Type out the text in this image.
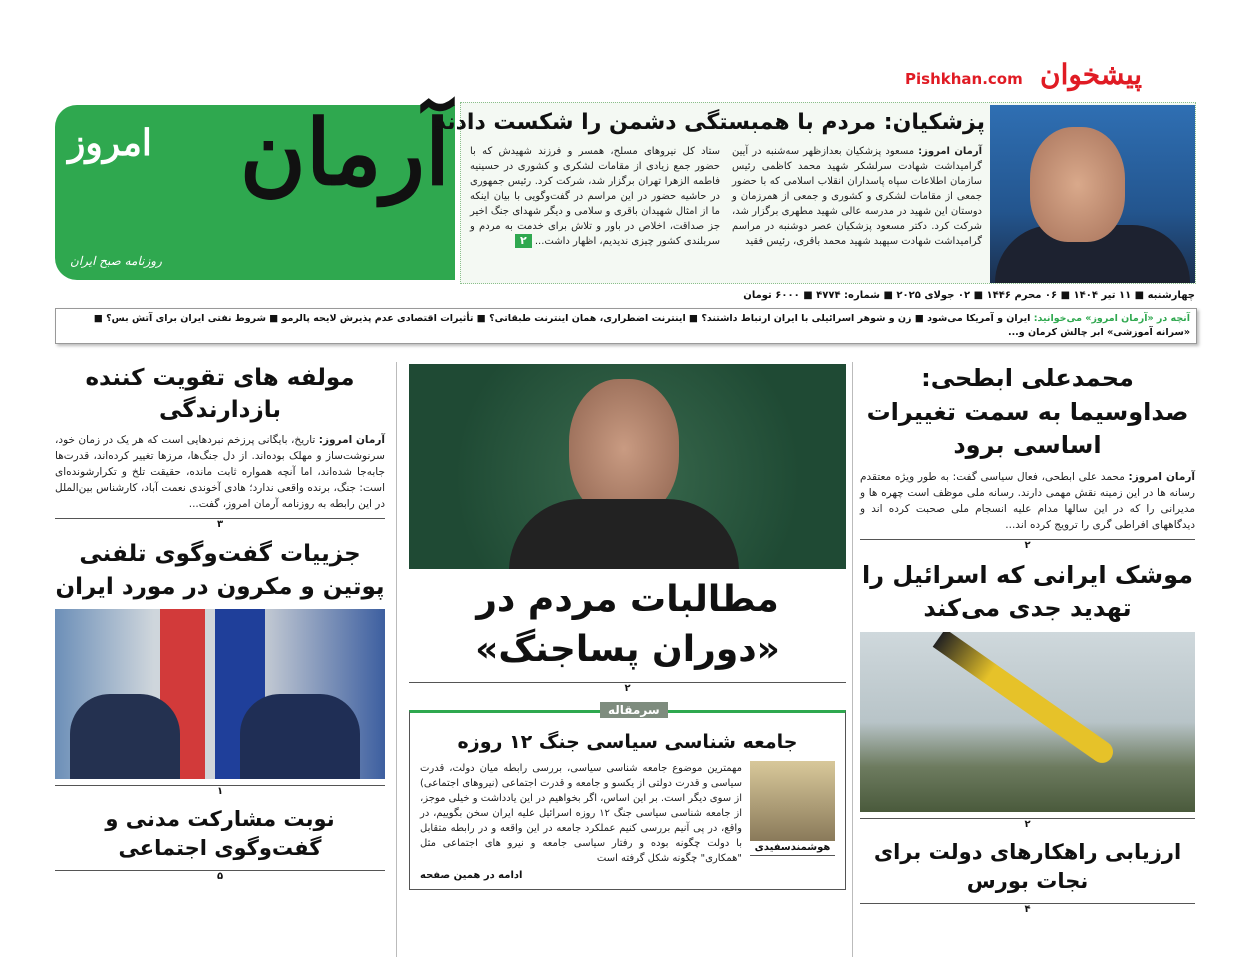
روزنامه صبح ایران
آرمان
امروز
پیشخوان
Pishkhan.com
پزشکیان: مردم با همبستگی دشمن را شکست دادند
آرمان امروز: مسعود پزشکیان بعدازظهر سه‌شنبه در آیین گرامیداشت شهادت سرلشکر شهید محمد کاظمی رئیس سازمان اطلاعات سپاه پاسداران انقلاب اسلامی که با حضور جمعی از مقامات لشکری و کشوری و جمعی از همرزمان و دوستان این شهید در مدرسه عالی شهید مطهری برگزار شد، شرکت کرد. دکتر مسعود پزشکیان عصر دوشنبه در مراسم گرامیداشت شهادت سپهبد شهید محمد باقری، رئیس فقید
ستاد کل نیروهای مسلح، همسر و فرزند شهیدش که با حضور جمع زیادی از مقامات لشکری و کشوری در حسینیه فاطمه الزهرا تهران برگزار شد، شرکت کرد. رئیس جمهوری در حاشیه حضور در این مراسم در گفت‌وگویی با بیان اینکه ما از امثال شهیدان باقری و سلامی و دیگر شهدای جنگ اخیر جز صداقت، اخلاص در باور و تلاش برای خدمت به مردم و سربلندی کشور چیزی ندیدیم، اظهار داشت... ۲
چهارشنبه ■ ۱۱ تیر ۱۴۰۴ ■ ۰۶ محرم ۱۴۴۶ ■ ۰۲ جولای ۲۰۲۵ ■ شماره: ۴۷۷۴ ■ ۶۰۰۰ تومان
آنچه در «آرمان امروز» می‌خوانید: ایران و آمریکا می‌شود ■ زن و شوهر اسرائیلی با ایران ارتباط داشتند؟ ■ اینترنت اضطراری، همان اینترنت طبقاتی؟ ■ تأثیرات اقتصادی عدم پذیرش لایحه پالرمو ■ شروط نفتی ایران برای آتش بس؟ ■ «سرانه آموزشی» ابر چالش کرمان و...
محمدعلی ابطحی: صداوسیما به سمت تغییرات اساسی برود
آرمان امروز: محمد علی ابطحی، فعال سیاسی گفت: به طور ویژه معتقدم رسانه ها در این زمینه نقش مهمی دارند. رسانه ملی موظف است چهره ها و مدیرانی را که در این سالها مدام علیه انسجام ملی صحبت کرده اند و دیدگاههای افراطی گری را ترویج کرده اند...
۲
موشک ایرانی که اسرائیل را تهدید جدی می‌کند
۲
ارزیابی راهکارهای دولت برای نجات بورس
۴
مطالبات مردم در «دوران پساجنگ»
۲
سرمقاله
جامعه شناسی سیاسی جنگ ۱۲ روزه
هوشمندسفیدی
مهمترین موضوع جامعه شناسی سیاسی، بررسی رابطه میان دولت، قدرت سیاسی و قدرت دولتی از یکسو و جامعه و قدرت اجتماعی (نیروهای اجتماعی) از سوی دیگر است. بر این اساس، اگر بخواهیم در این یادداشت و خیلی موجز، از جامعه شناسی سیاسی جنگ ۱۲ روزه اسرائیل علیه ایران سخن بگوییم، در واقع، در پی آنیم بررسی کنیم عملکرد جامعه در این واقعه و در رابطه متقابل با دولت چگونه بوده و رفتار سیاسی جامعه و نیرو های اجتماعی مثل "همکاری" چگونه شکل گرفته است
ادامه در همین صفحه
مولفه های تقویت کننده بازدارندگی
آرمان امروز: تاریخ، بایگانی پرزخم نبردهایی است که هر یک در زمان خود، سرنوشت‌ساز و مهلک بوده‌اند. از دل جنگ‌ها، مرزها تغییر کرده‌اند، قدرت‌ها جابه‌جا شده‌اند، اما آنچه همواره ثابت مانده، حقیقت تلخ و تکرارشونده‌ای است: جنگ، برنده واقعی ندارد؛ هادی آخوندی نعمت آباد، کارشناس بین‌الملل در این رابطه به روزنامه آرمان امروز، گفت...
۳
جزییات گفت‌وگوی تلفنی پوتین و مکرون در مورد ایران
۱
نوبت مشارکت مدنی و گفت‌وگوی اجتماعی
۵
